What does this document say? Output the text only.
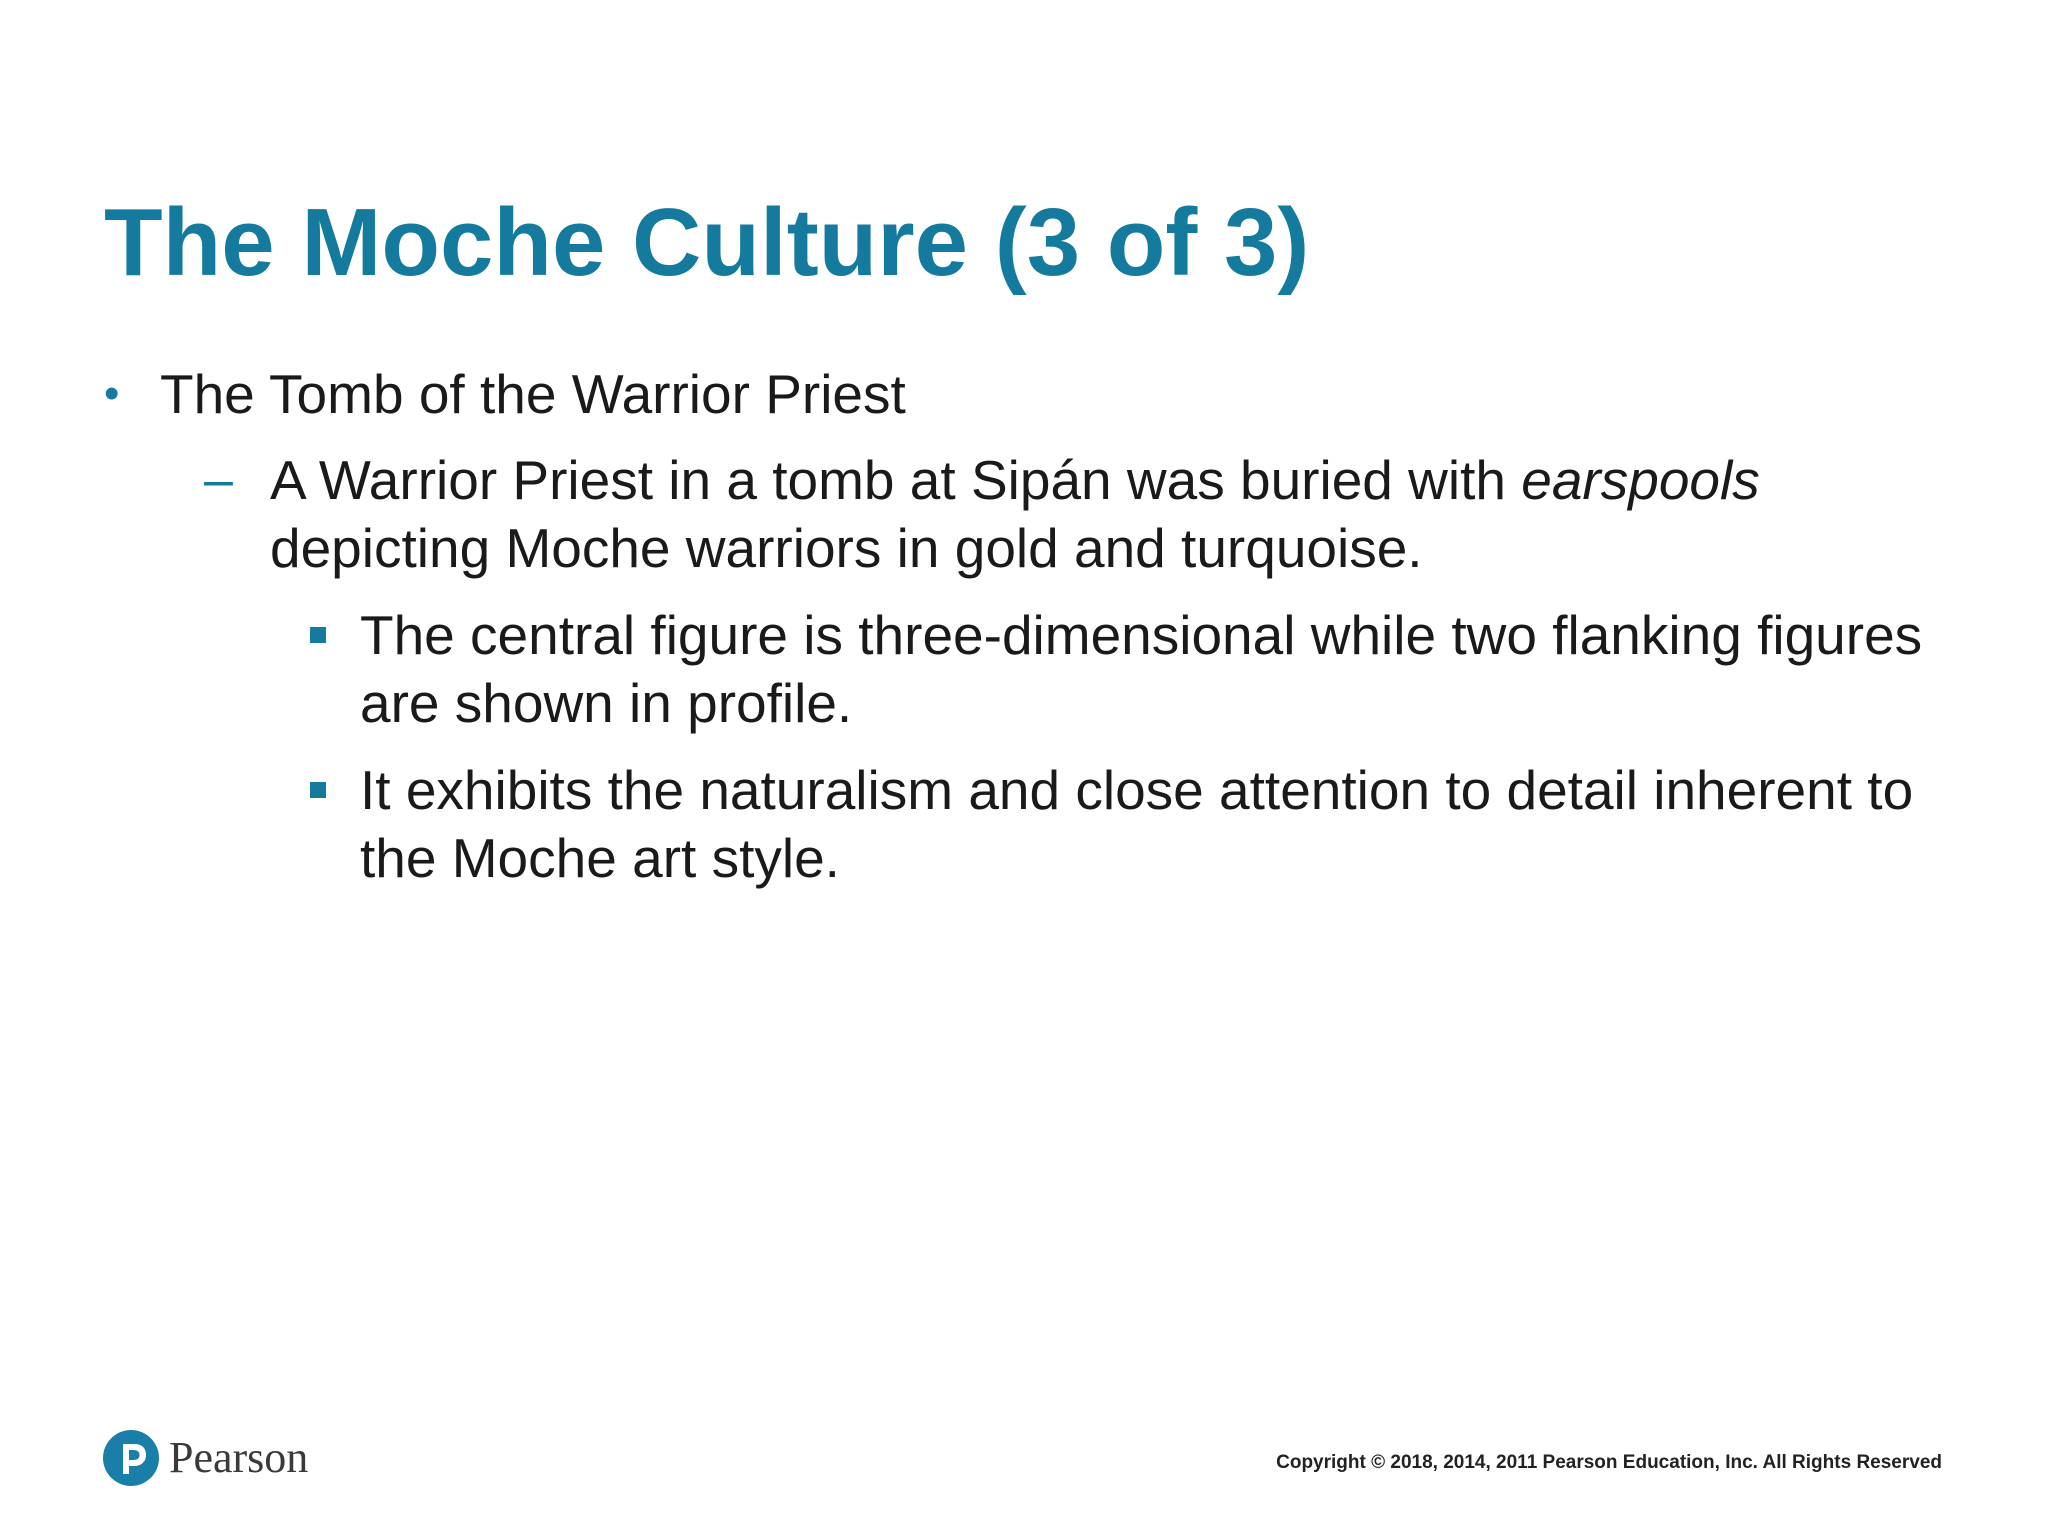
The Moche Culture (3 of 3)
• The Tomb of the Warrior Priest
– A Warrior Priest in a tomb at Sipán was buried with earspools depicting Moche warriors in gold and turquoise.
The central figure is three-dimensional while two flanking figures are shown in profile.
It exhibits the naturalism and close attention to detail inherent to the Moche art style.
Pearson	Copyright © 2018, 2014, 2011 Pearson Education, Inc. All Rights Reserved
